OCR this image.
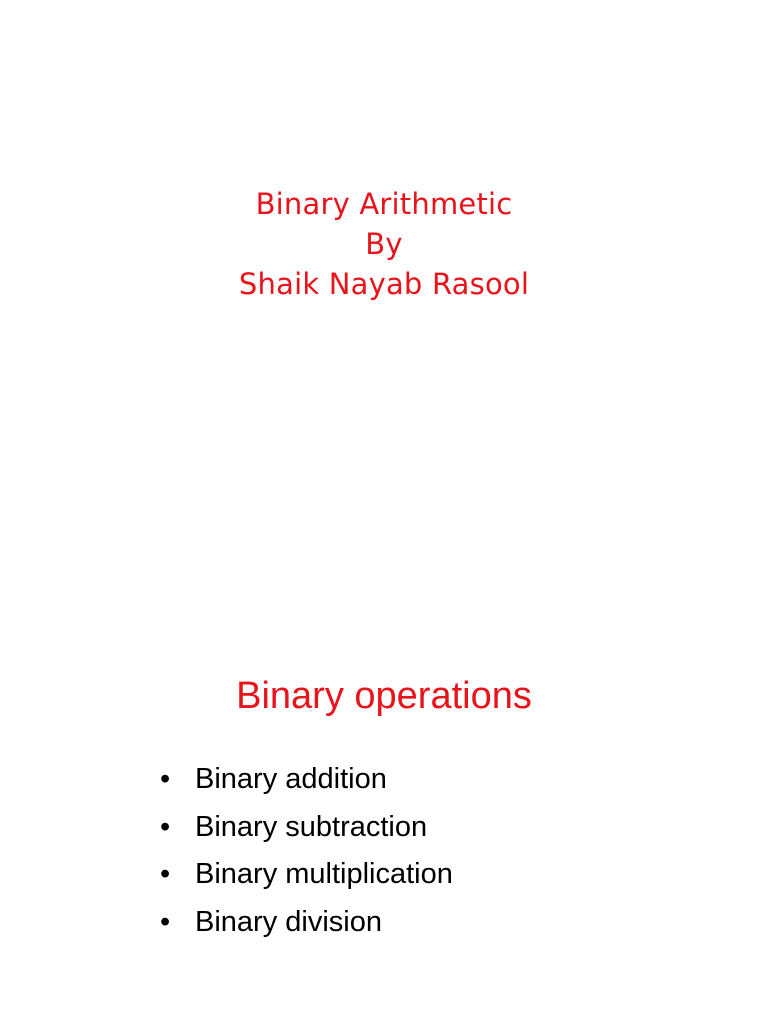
Binary Arithmetic
By
Shaik Nayab Rasool
Binary operations
• Binary addition
• Binary subtraction
• Binary multiplication
• Binary division
